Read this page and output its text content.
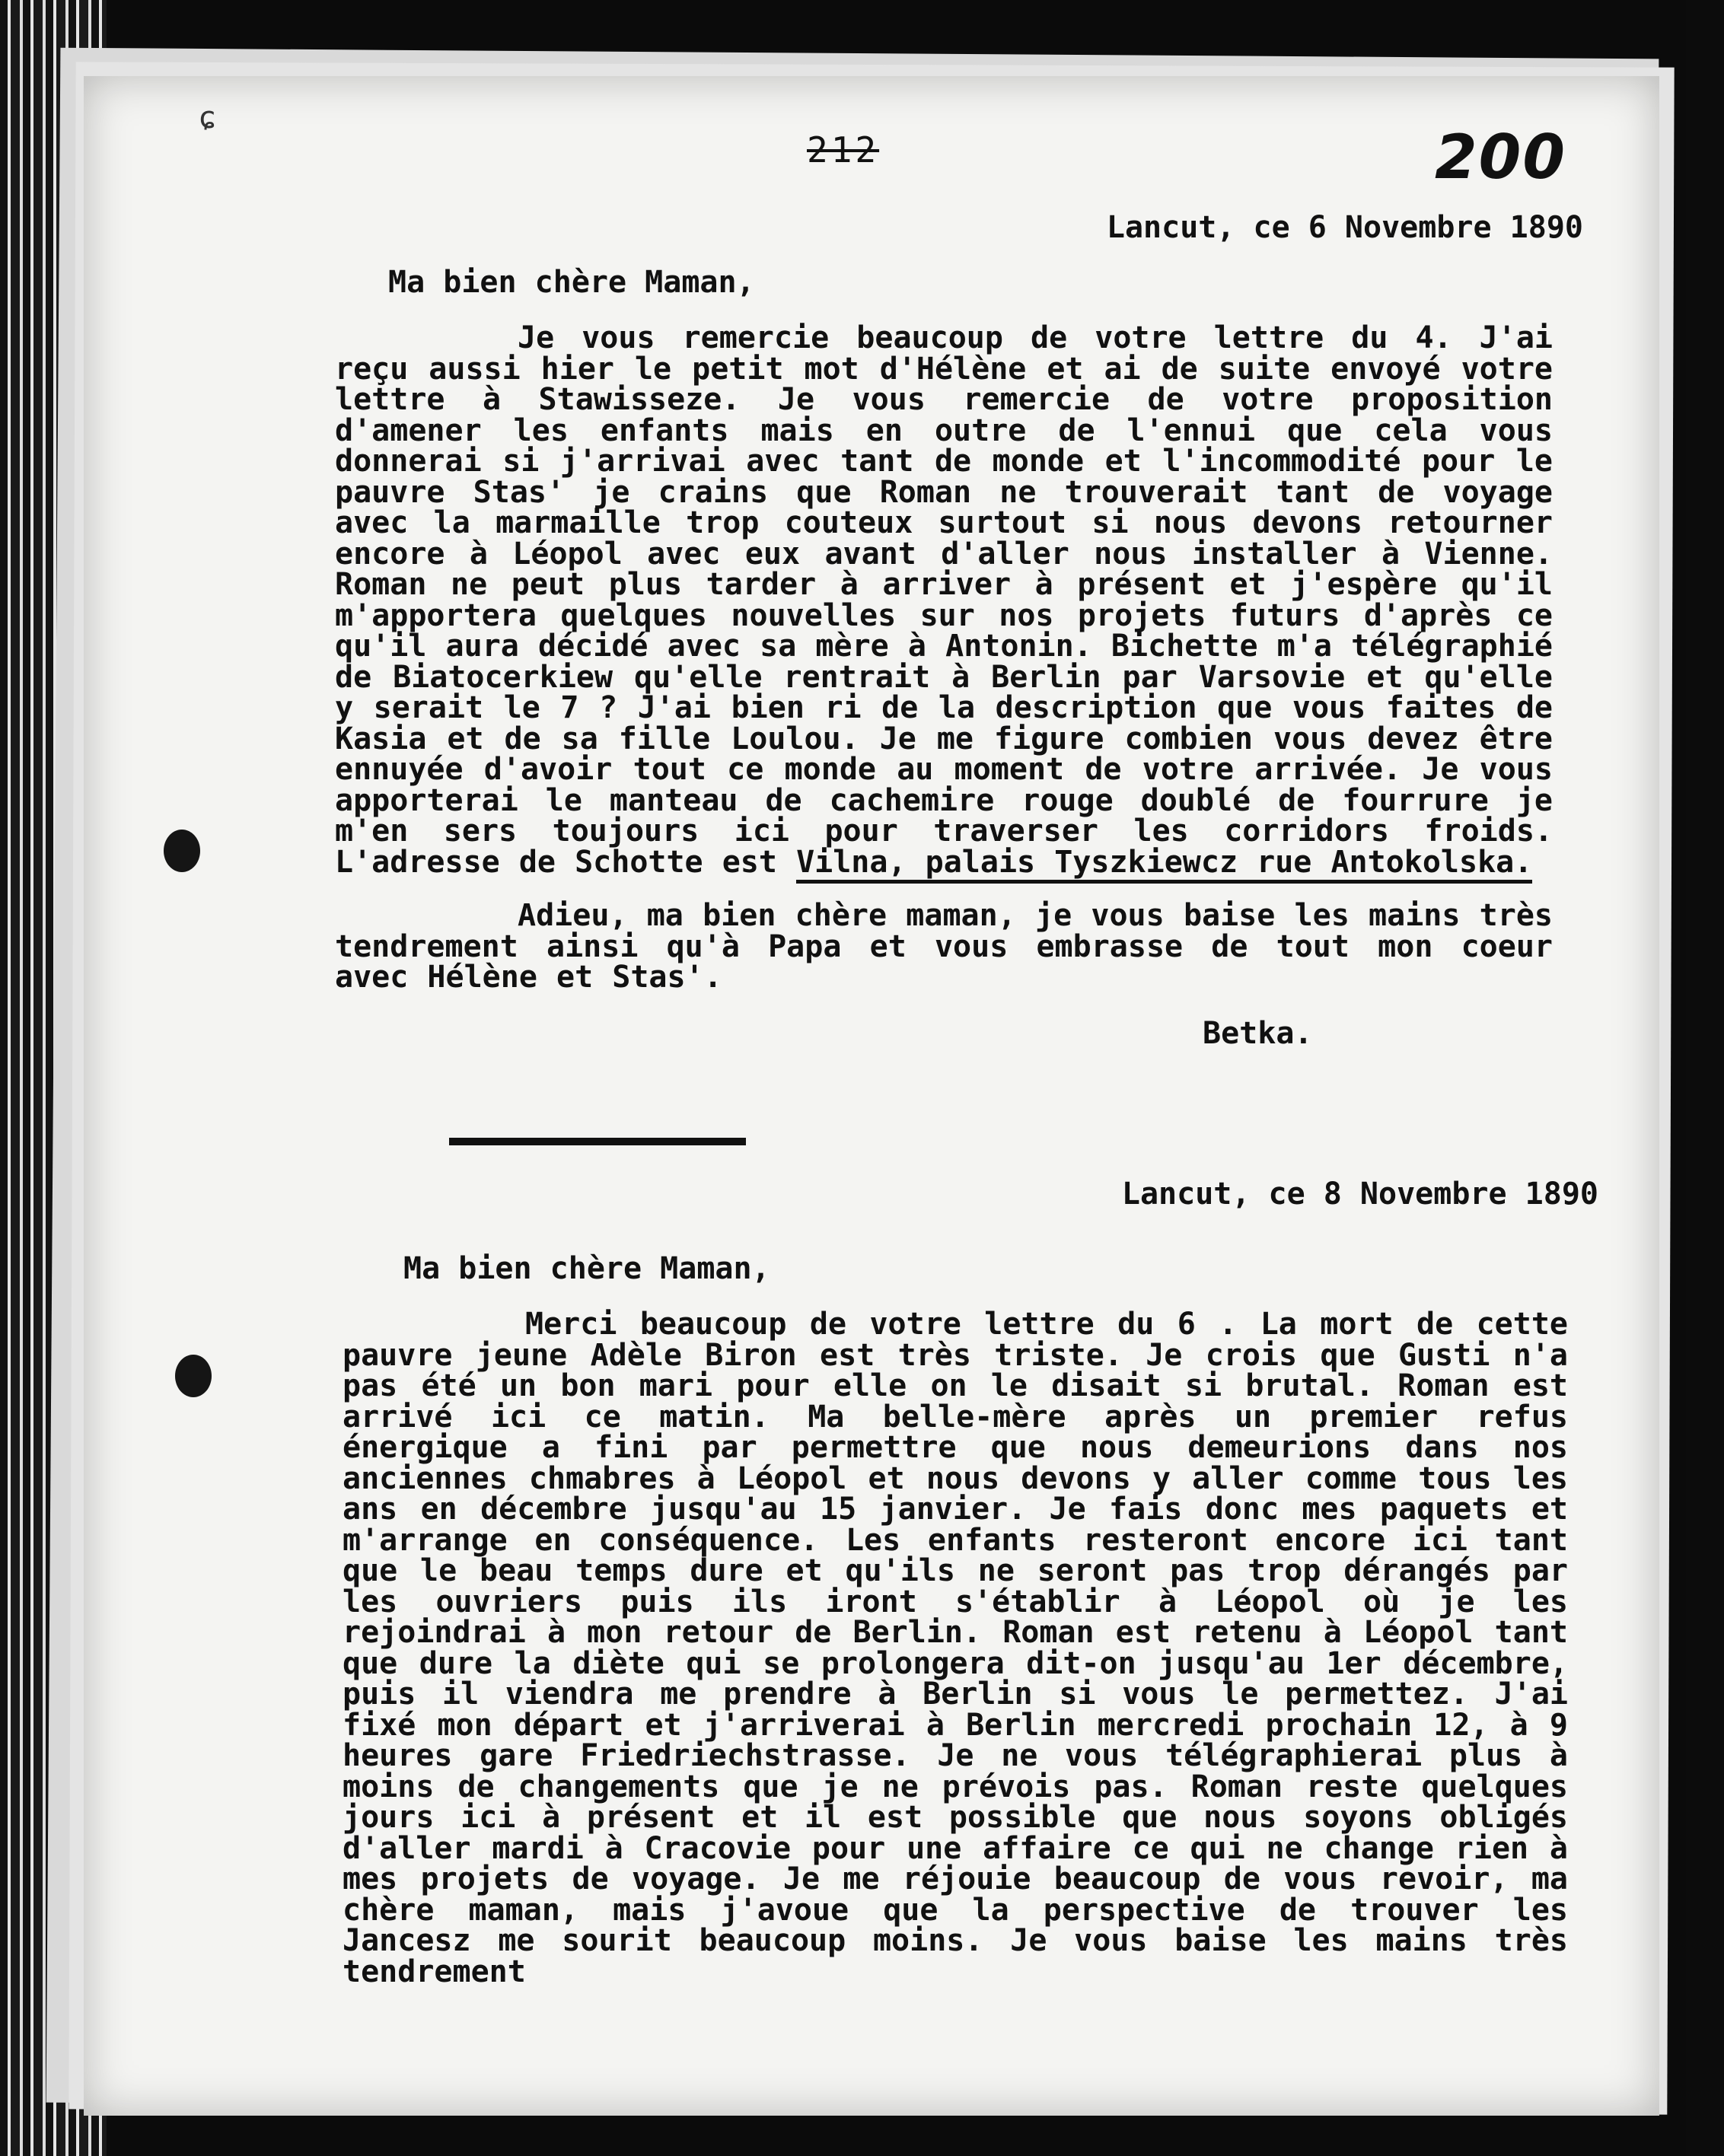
ɕ
212	200
Lancut, ce 6 Novembre 1890
Ma bien chère Maman,
Je vous remercie beaucoup de votre lettre du 4. J'ai reçu aussi hier le petit mot d'Hélène et ai de suite envoyé votre lettre à Stawisseze. Je vous remercie de votre proposition d'amener les enfants mais en outre de l'ennui que cela vous donnerai si j'arrivai avec tant de monde et l'incommodité pour le pauvre Stas' je crains que Roman ne trouverait tant de voyage avec la marmaille trop couteux surtout si nous devons retourner encore à Léopol avec eux avant d'aller nous installer à Vienne. Roman ne peut plus tarder à arriver à présent et j'espère qu'il m'apportera quelques nouvelles sur nos projets futurs d'après ce qu'il aura décidé avec sa mère à Antonin. Bichette m'a télégraphié de Biatocerkiew qu'elle rentrait à Berlin par Varsovie et qu'elle y serait le 7 ? J'ai bien ri de la description que vous faites de Kasia et de sa fille Loulou. Je me figure combien vous devez être ennuyée d'avoir tout ce monde au moment de votre arrivée. Je vous apporterai le manteau de cachemire rouge doublé de fourrure je m'en sers toujours ici pour traverser les corridors froids. L'adresse de Schotte est Vilna, palais Tyszkiewcz rue Antokolska.
Adieu, ma bien chère maman, je vous baise les mains très tendrement ainsi qu'à Papa et vous embrasse de tout mon coeur avec Hélène et Stas'.
Betka.
Lancut, ce 8 Novembre 1890
Ma bien chère Maman,
Merci beaucoup de votre lettre du 6 . La mort de cette pauvre jeune Adèle Biron est très triste. Je crois que Gusti n'a pas été un bon mari pour elle on le disait si brutal. Roman est arrivé ici ce matin. Ma belle-mère après un premier refus énergique a fini par permettre que nous demeurions dans nos anciennes chmabres à Léopol et nous devons y aller comme tous les ans en décembre jusqu'au 15 janvier. Je fais donc mes paquets et m'arrange en conséquence. Les enfants resteront encore ici tant que le beau temps dure et qu'ils ne seront pas trop dérangés par les ouvriers puis ils iront s'établir à Léopol où je les rejoindrai à mon retour de Berlin. Roman est retenu à Léopol tant que dure la diète qui se prolongera dit-on jusqu'au 1er décembre, puis il viendra me prendre à Berlin si vous le permettez. J'ai fixé mon départ et j'arriverai à Berlin mercredi prochain 12, à 9 heures gare Friedriechstrasse. Je ne vous télégraphierai plus à moins de changements que je ne prévois pas. Roman reste quelques jours ici à présent et il est possible que nous soyons obligés d'aller mardi à Cracovie pour une affaire ce qui ne change rien à mes projets de voyage. Je me réjouie beaucoup de vous revoir, ma chère maman, mais j'avoue que la perspective de trouver les Jancesz me sourit beaucoup moins. Je vous baise les mains très tendrement
